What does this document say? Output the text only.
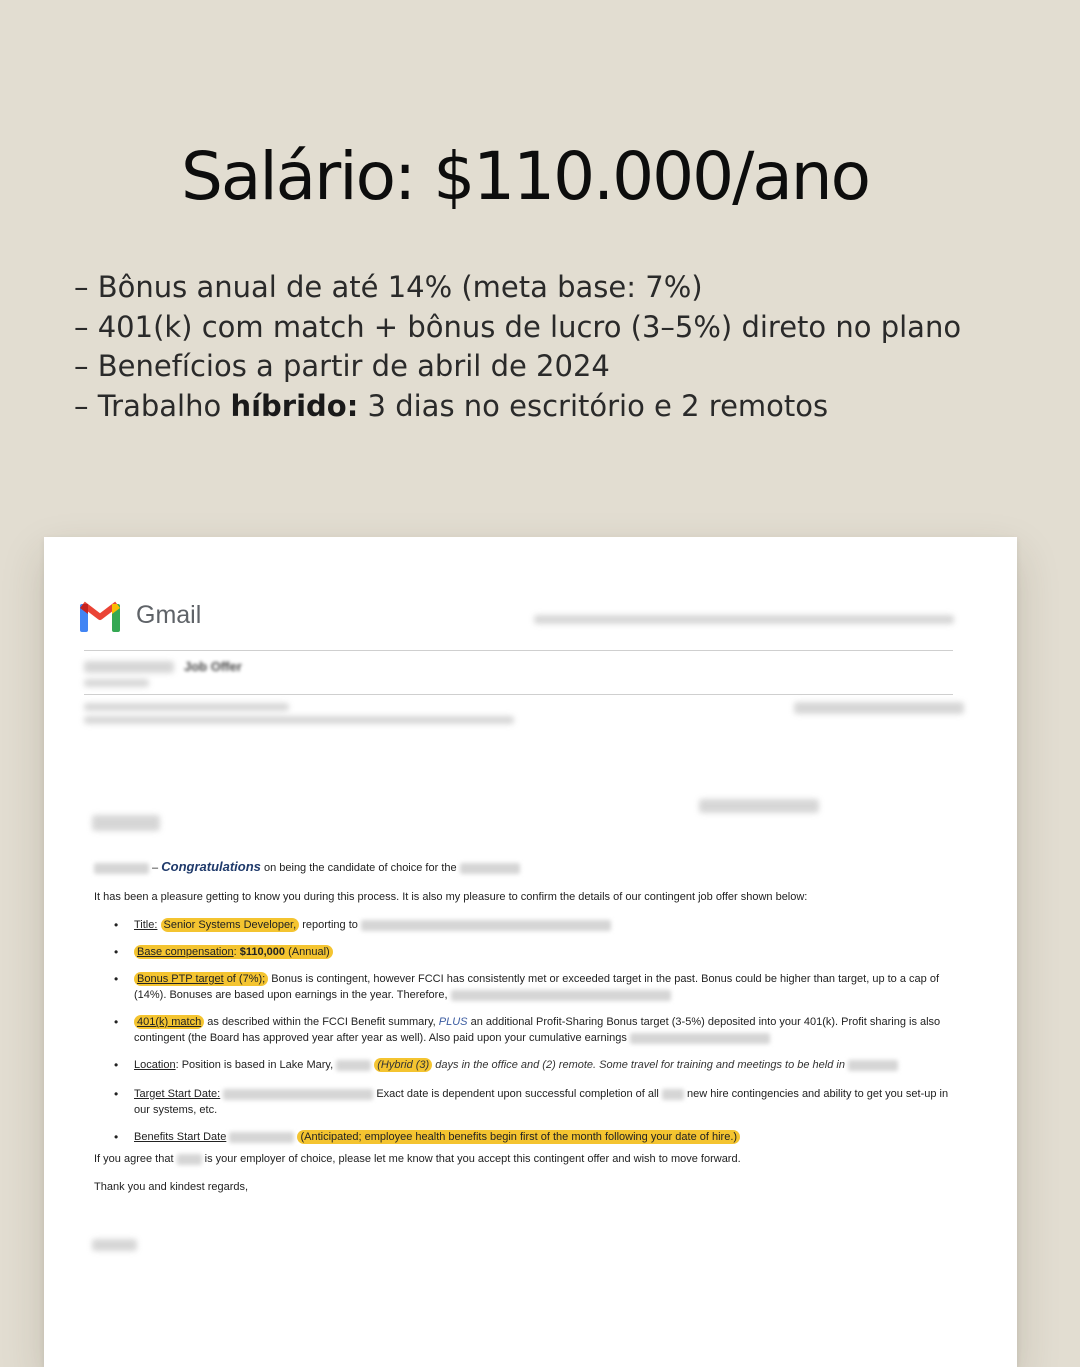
Salário: $110.000/ano
– Bônus anual de até 14% (meta base: 7%)
– 401(k) com match + bônus de lucro (3–5%) direto no plano
– Benefícios a partir de abril de 2024
– Trabalho híbrido: 3 dias no escritório e 2 remotos
Gmail
Job Offer

– Congratulations on being the candidate of choice for the

It has been a pleasure getting to know you during this process. It is also my pleasure to confirm the details of our contingent job offer shown below:

• Title: Senior Systems Developer, reporting to
• Base compensation: $110,000 (Annual)
• Bonus PTP target of (7%); Bonus is contingent, however FCCI has consistently met or exceeded target in the past. Bonus could be higher than target, up to a cap of (14%). Bonuses are based upon earnings in the year. Therefore,
• 401(k) match as described within the FCCI Benefit summary, PLUS an additional Profit-Sharing Bonus target (3-5%) deposited into your 401(k). Profit sharing is also contingent (the Board has approved year after year as well). Also paid upon your cumulative earnings
• Location: Position is based in Lake Mary,	(Hybrid (3) days in the office and (2) remote. Some travel for training and meetings to be held in
• Target Start Date:	Exact date is dependent upon successful completion of all	new hire contingencies and ability to get you set-up in our systems, etc.
• Benefits Start Date	(Anticipated; employee health benefits begin first of the month following your date of hire.)

If you agree that	is your employer of choice, please let me know that you accept this contingent offer and wish to move forward.

Thank you and kindest regards,
